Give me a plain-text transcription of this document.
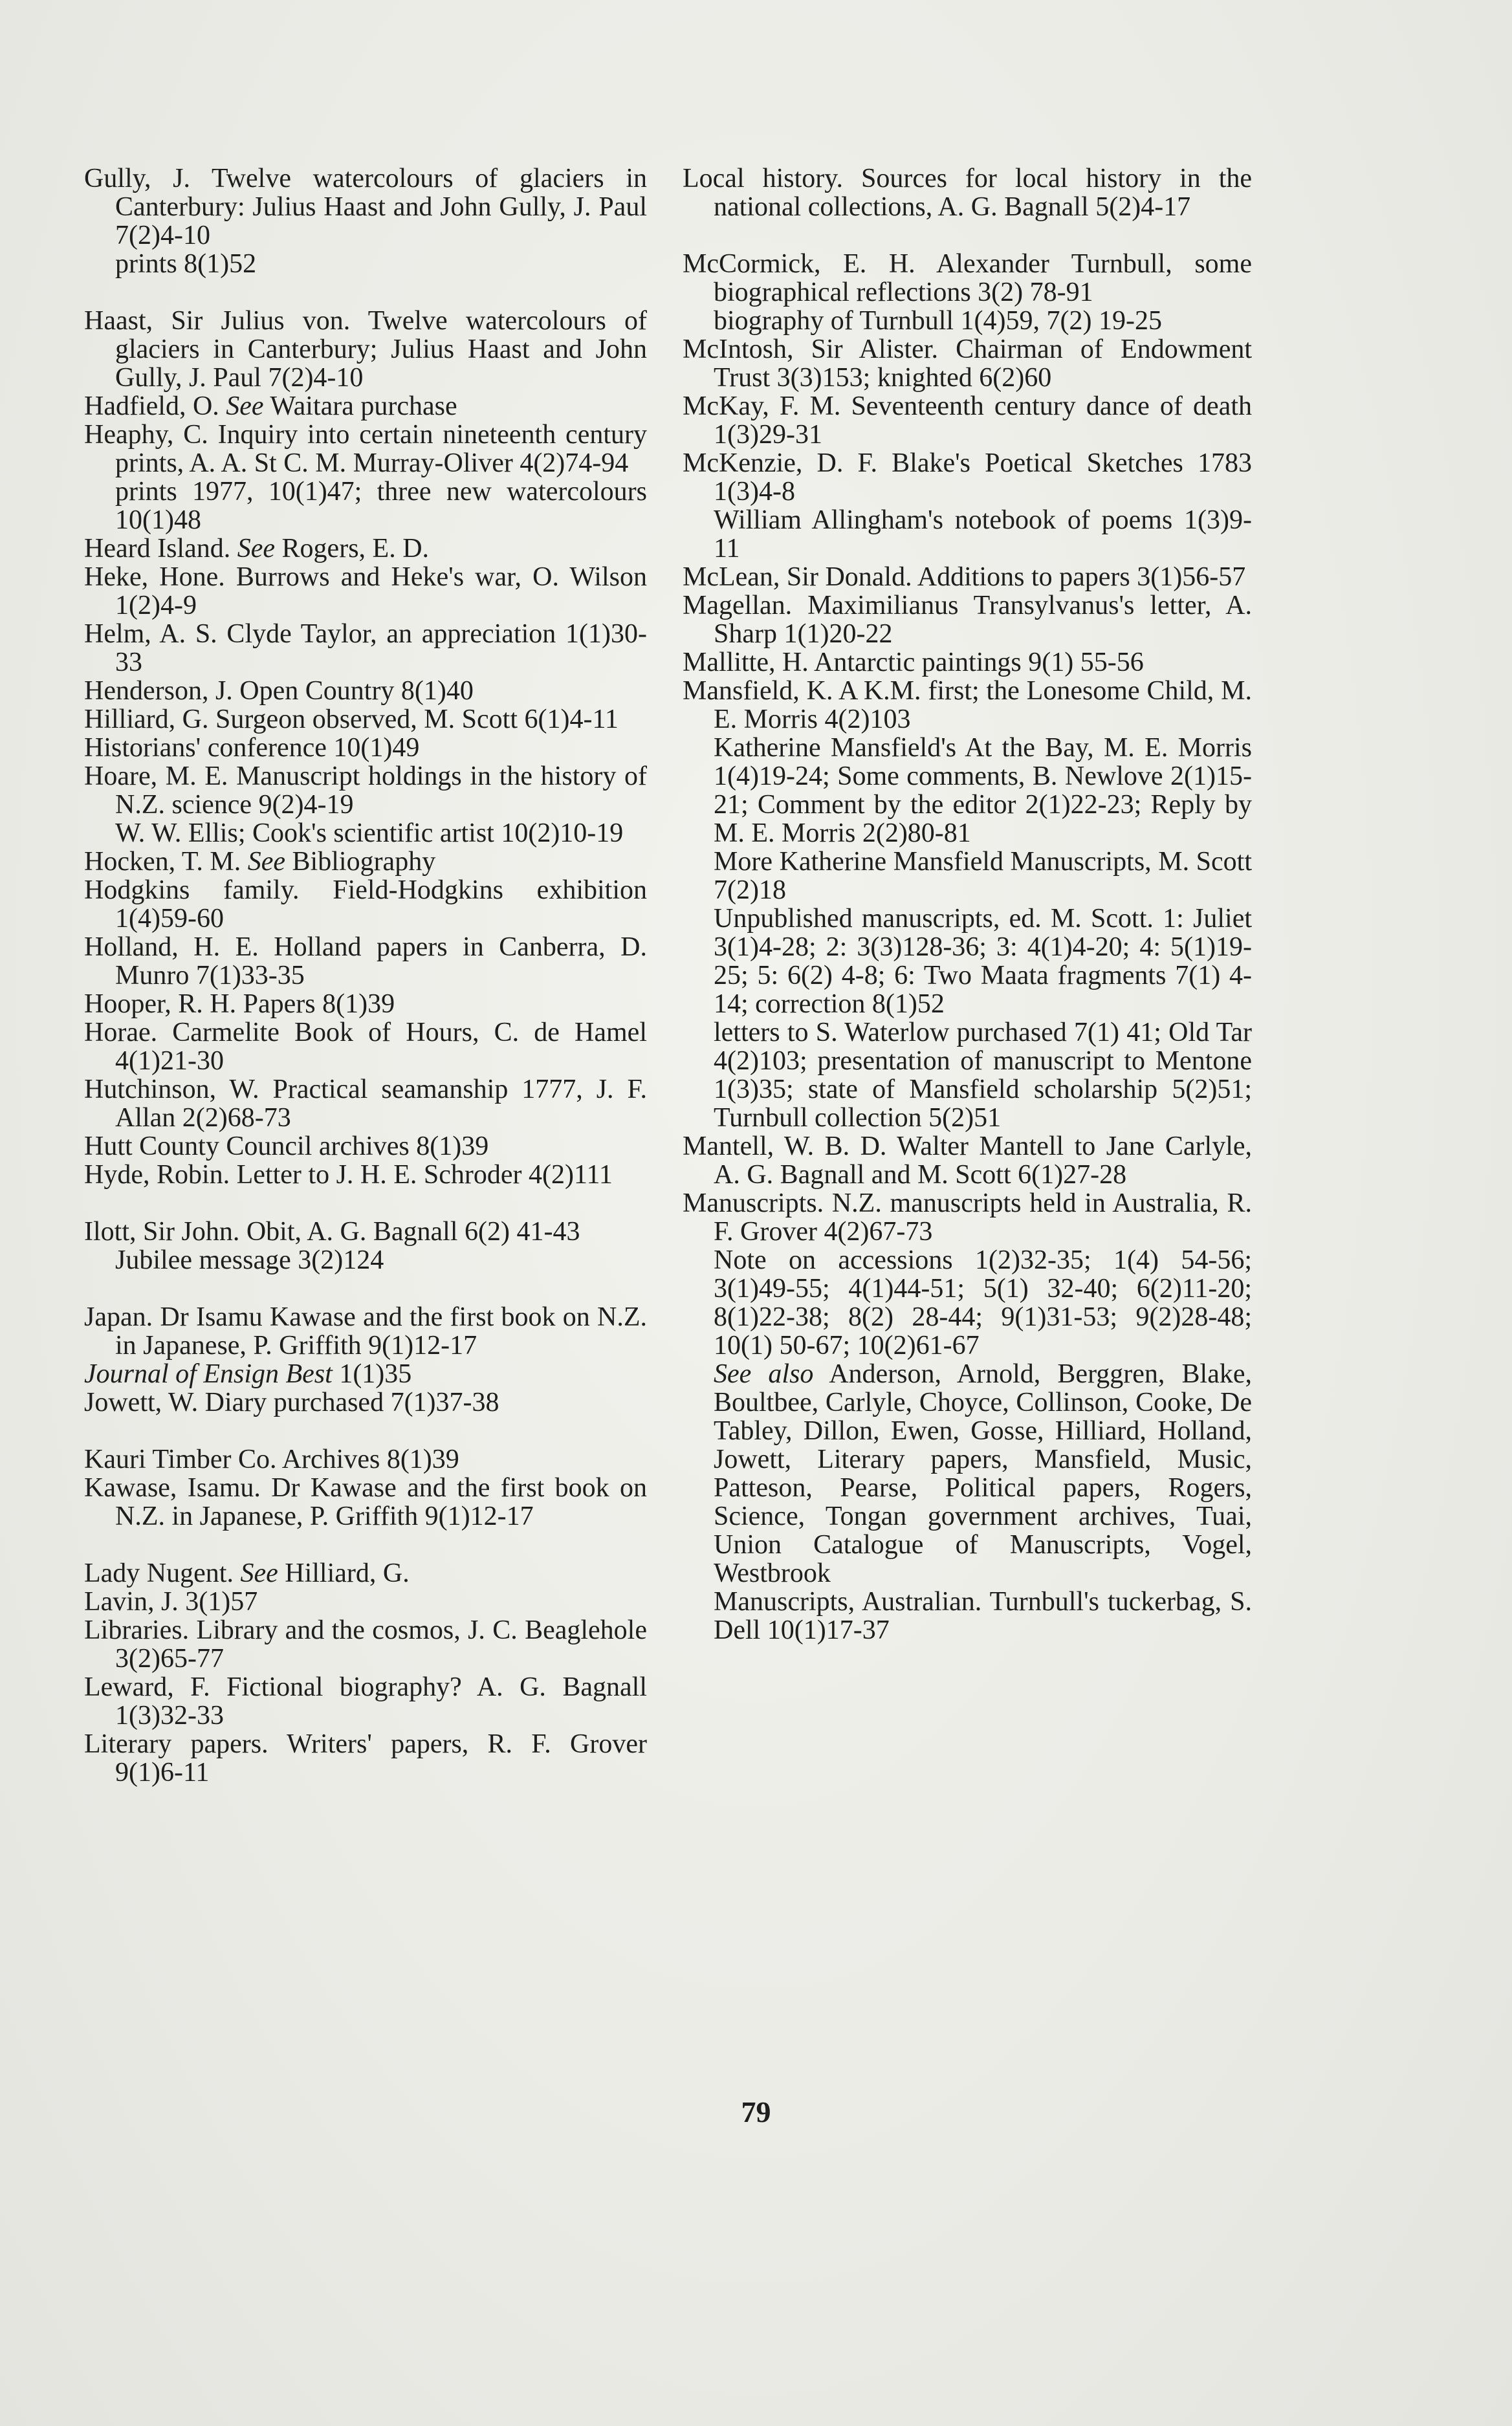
Gully, J. Twelve watercolours of glaciers in Canterbury: Julius Haast and John Gully, J. Paul 7(2)4-10

prints 8(1)52

Haast, Sir Julius von. Twelve watercolours of glaciers in Canterbury; Julius Haast and John Gully, J. Paul 7(2)4-10

Hadfield, O. See Waitara purchase

Heaphy, C. Inquiry into certain nineteenth century prints, A. A. St C. M. Murray-Oliver 4(2)74-94

prints 1977, 10(1)47; three new watercolours 10(1)48

Heard Island. See Rogers, E. D.

Heke, Hone. Burrows and Heke's war, O. Wilson 1(2)4-9

Helm, A. S. Clyde Taylor, an appreciation 1(1)30-33

Henderson, J. Open Country 8(1)40

Hilliard, G. Surgeon observed, M. Scott 6(1)4-11

Historians' conference 10(1)49

Hoare, M. E. Manuscript holdings in the history of N.Z. science 9(2)4-19

W. W. Ellis; Cook's scientific artist 10(2)10-19

Hocken, T. M. See Bibliography

Hodgkins family. Field-Hodgkins exhibition 1(4)59-60

Holland, H. E. Holland papers in Canberra, D. Munro 7(1)33-35

Hooper, R. H. Papers 8(1)39

Horae. Carmelite Book of Hours, C. de Hamel 4(1)21-30

Hutchinson, W. Practical seamanship 1777, J. F. Allan 2(2)68-73

Hutt County Council archives 8(1)39

Hyde, Robin. Letter to J. H. E. Schroder 4(2)111

Ilott, Sir John. Obit, A. G. Bagnall 6(2) 41-43

Jubilee message 3(2)124

Japan. Dr Isamu Kawase and the first book on N.Z. in Japanese, P. Griffith 9(1)12-17

Journal of Ensign Best 1(1)35

Jowett, W. Diary purchased 7(1)37-38

Kauri Timber Co. Archives 8(1)39

Kawase, Isamu. Dr Kawase and the first book on N.Z. in Japanese, P. Griffith 9(1)12-17

Lady Nugent. See Hilliard, G.

Lavin, J. 3(1)57

Libraries. Library and the cosmos, J. C. Beaglehole 3(2)65-77

Leward, F. Fictional biography? A. G. Bagnall 1(3)32-33

Literary papers. Writers' papers, R. F. Grover 9(1)6-11

Local history. Sources for local history in the national collections, A. G. Bagnall 5(2)4-17

McCormick, E. H. Alexander Turnbull, some biographical reflections 3(2) 78-91

biography of Turnbull 1(4)59, 7(2) 19-25

McIntosh, Sir Alister. Chairman of Endowment Trust 3(3)153; knighted 6(2)60

McKay, F. M. Seventeenth century dance of death 1(3)29-31

McKenzie, D. F. Blake's Poetical Sketches 1783 1(3)4-8

William Allingham's notebook of poems 1(3)9-11

McLean, Sir Donald. Additions to papers 3(1)56-57

Magellan. Maximilianus Transylvanus's letter, A. Sharp 1(1)20-22

Mallitte, H. Antarctic paintings 9(1) 55-56

Mansfield, K. A K.M. first; the Lonesome Child, M. E. Morris 4(2)103

Katherine Mansfield's At the Bay, M. E. Morris 1(4)19-24; Some comments, B. Newlove 2(1)15-21; Comment by the editor 2(1)22-23; Reply by M. E. Morris 2(2)80-81

More Katherine Mansfield Manuscripts, M. Scott 7(2)18

Unpublished manuscripts, ed. M. Scott. 1: Juliet 3(1)4-28; 2: 3(3)128-36; 3: 4(1)4-20; 4: 5(1)19-25; 5: 6(2) 4-8; 6: Two Maata fragments 7(1) 4-14; correction 8(1)52

letters to S. Waterlow purchased 7(1) 41; Old Tar 4(2)103; presentation of manuscript to Mentone 1(3)35; state of Mansfield scholarship 5(2)51; Turnbull collection 5(2)51

Mantell, W. B. D. Walter Mantell to Jane Carlyle, A. G. Bagnall and M. Scott 6(1)27-28

Manuscripts. N.Z. manuscripts held in Australia, R. F. Grover 4(2)67-73

Note on accessions 1(2)32-35; 1(4) 54-56; 3(1)49-55; 4(1)44-51; 5(1) 32-40; 6(2)11-20; 8(1)22-38; 8(2) 28-44; 9(1)31-53; 9(2)28-48; 10(1) 50-67; 10(2)61-67

See also Anderson, Arnold, Berggren, Blake, Boultbee, Carlyle, Choyce, Collinson, Cooke, De Tabley, Dillon, Ewen, Gosse, Hilliard, Holland, Jowett, Literary papers, Mansfield, Music, Patteson, Pearse, Political papers, Rogers, Science, Tongan government archives, Tuai, Union Catalogue of Manuscripts, Vogel, Westbrook

Manuscripts, Australian. Turnbull's tuckerbag, S. Dell 10(1)17-37

79
